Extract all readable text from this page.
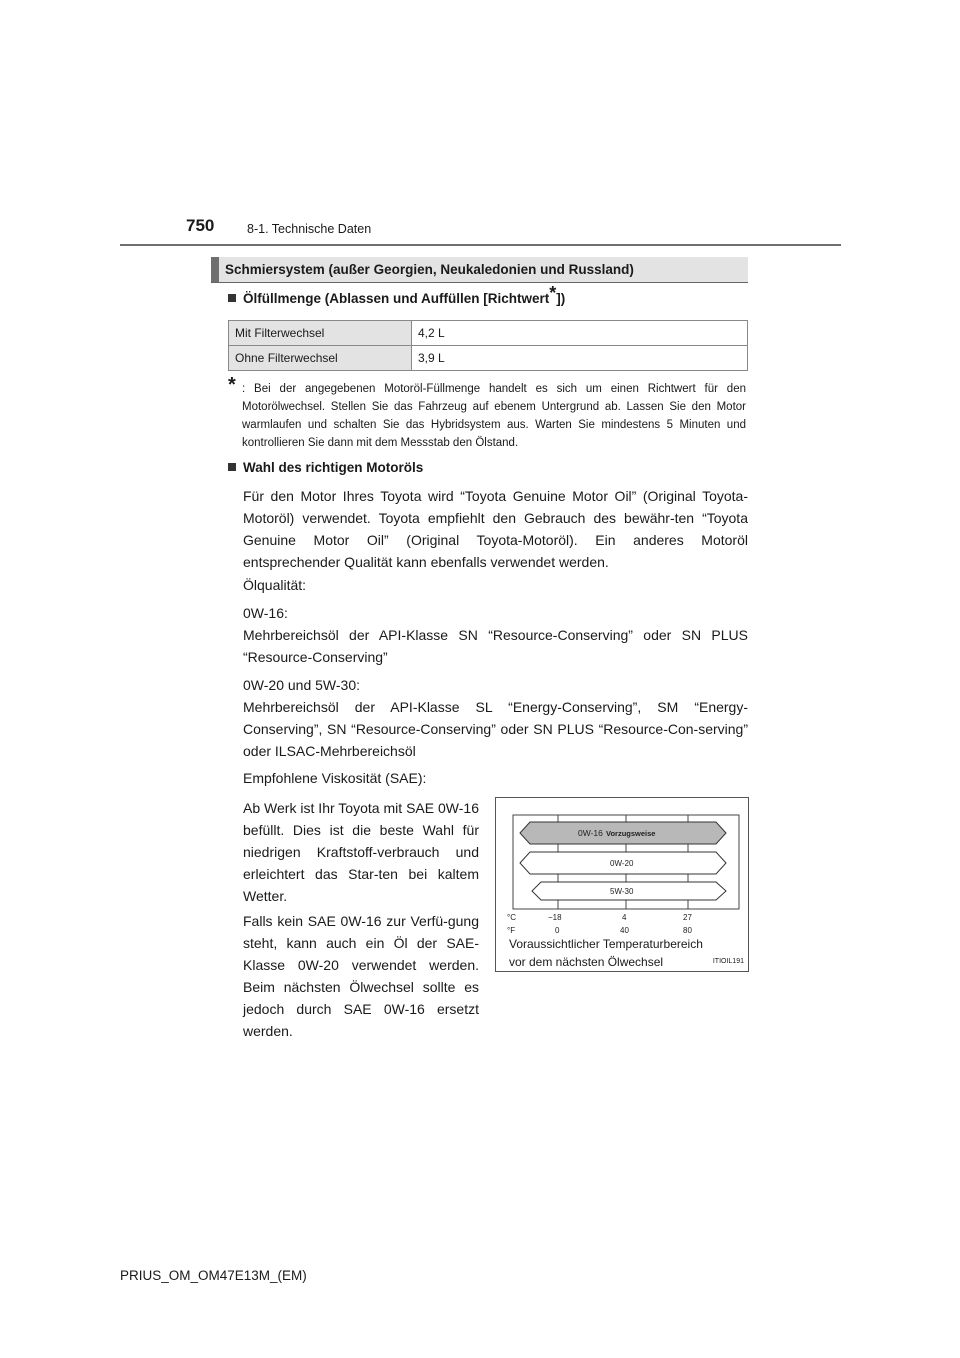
750	8-1. Technische Daten
Schmiersystem (außer Georgien, Neukaledonien und Russland)
Ölfüllmenge (Ablassen und Auffüllen [Richtwert*])
Mit Filterwechsel	4,2 L
Ohne Filterwechsel	3,9 L
* : Bei der angegebenen Motoröl-Füllmenge handelt es sich um einen Richtwert für den Motorölwechsel. Stellen Sie das Fahrzeug auf ebenem Untergrund ab. Lassen Sie den Motor warmlaufen und schalten Sie das Hybridsystem aus. Warten Sie mindestens 5 Minuten und kontrollieren Sie dann mit dem Messstab den Ölstand.
Wahl des richtigen Motoröls
Für den Motor Ihres Toyota wird “Toyota Genuine Motor Oil” (Original Toyota-Motoröl) verwendet. Toyota empfiehlt den Gebrauch des bewähr-ten “Toyota Genuine Motor Oil” (Original Toyota-Motoröl). Ein anderes Motoröl entsprechender Qualität kann ebenfalls verwendet werden.
Ölqualität:
0W-16:
Mehrbereichsöl der API-Klasse SN “Resource-Conserving” oder SN PLUS “Resource-Conserving”
0W-20 und 5W-30:
Mehrbereichsöl der API-Klasse SL “Energy-Conserving”, SM “Energy-Conserving”, SN “Resource-Conserving” oder SN PLUS “Resource-Con-serving” oder ILSAC-Mehrbereichsöl
Empfohlene Viskosität (SAE):
Ab Werk ist Ihr Toyota mit SAE 0W-16 befüllt. Dies ist die beste Wahl für niedrigen Kraftstoff-verbrauch und erleichtert das Star-ten bei kaltem Wetter.
Falls kein SAE 0W-16 zur Verfü-gung steht, kann auch ein Öl der SAE-Klasse 0W-20 verwendet werden. Beim nächsten Ölwechsel sollte es jedoch durch SAE 0W-16 ersetzt werden.
0W-16 Vorzugsweise
0W-20
5W-30
°C	−18	4	27
°F	0	40	80
Voraussichtlicher Temperaturbereich
vor dem nächsten Ölwechsel	ITIOIL191
PRIUS_OM_OM47E13M_(EM)
